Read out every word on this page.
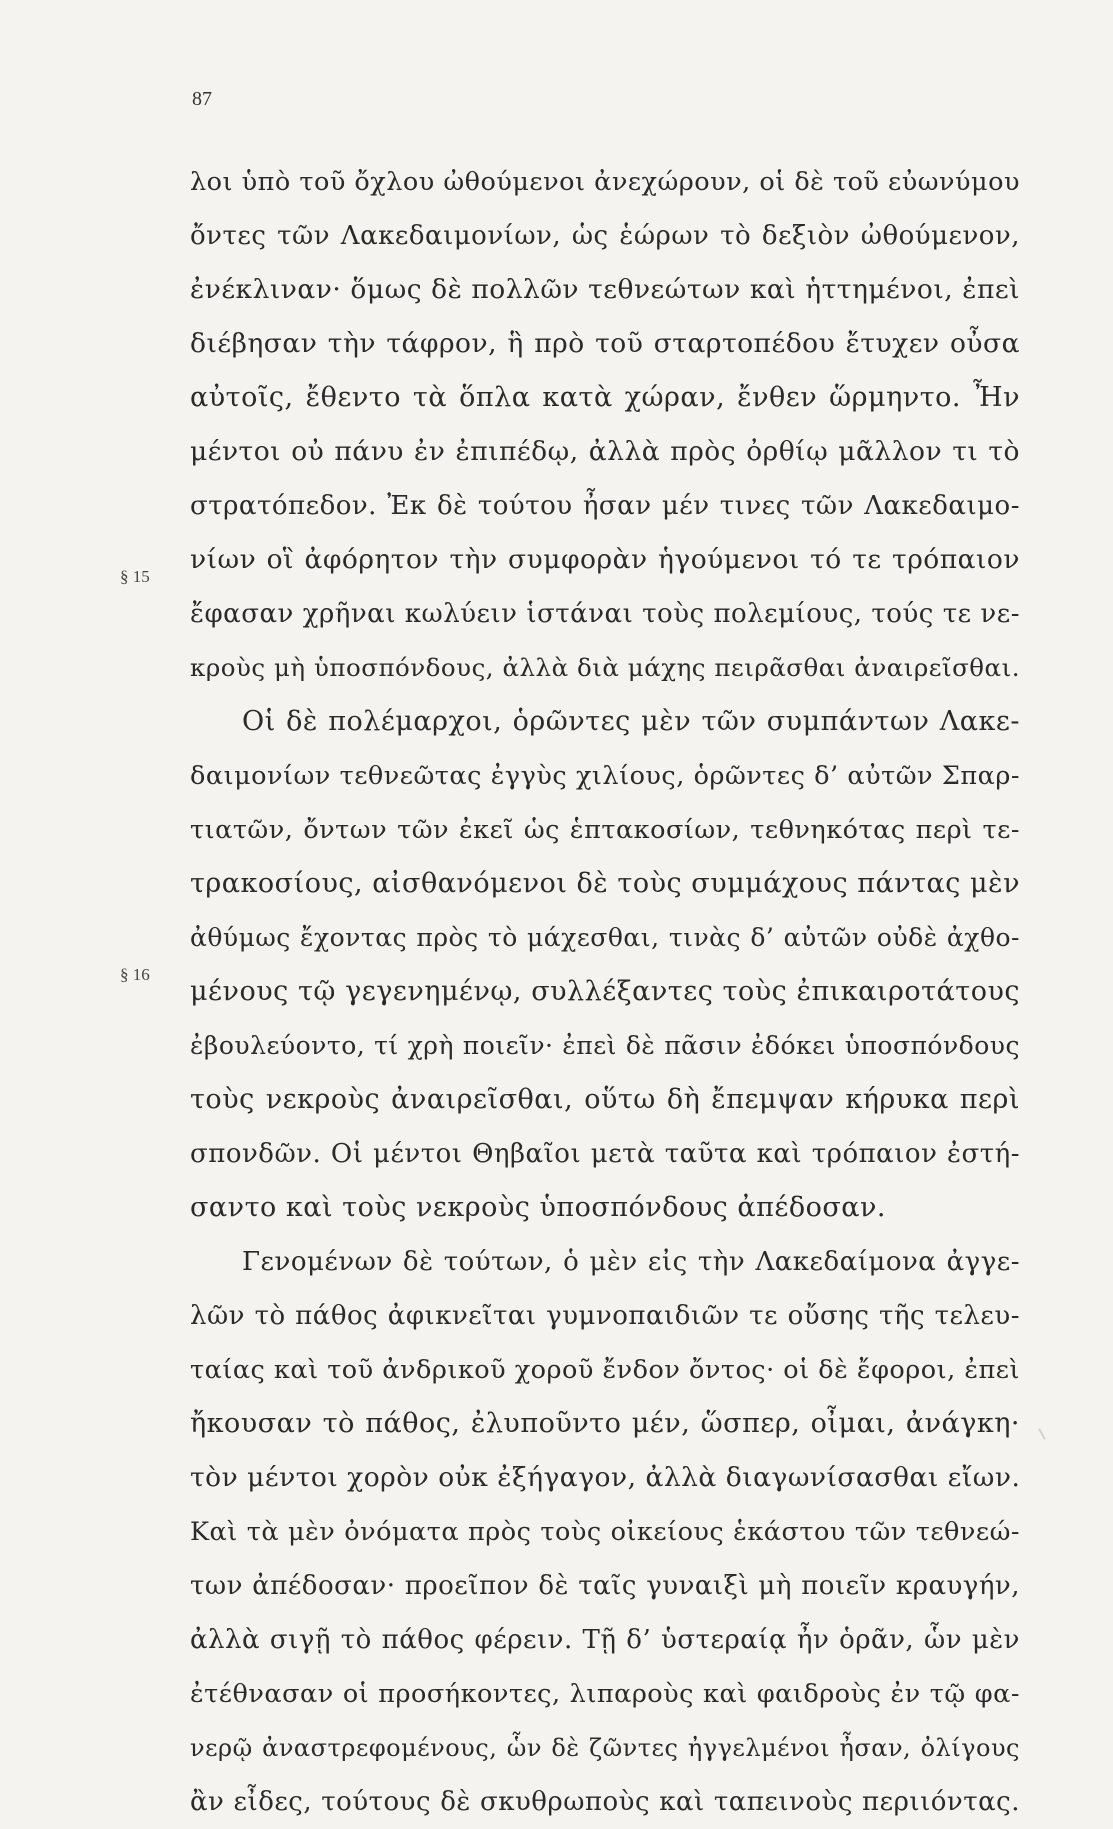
87
§ 15
§ 16
λοι ὑπὸ τοῦ ὄχλου ὠθούμενοι ἀνεχώρουν, οἱ δὲ τοῦ εὐωνύμου
ὄντες τῶν Λακεδαιμονίων, ὡς ἑώρων τὸ δεξιὸν ὠθούμενον,
ἐνέκλιναν· ὅμως δὲ πολλῶν τεθνεώτων καὶ ἡττημένοι, ἐπεὶ
διέβησαν τὴν τάφρον, ἣ πρὸ τοῦ σταρτοπέδου ἔτυχεν οὖσα
αὐτοῖς, ἔθεντο τὰ ὅπλα κατὰ χώραν, ἔνθεν ὥρμηντο. Ἦν
μέντοι οὐ πάνυ ἐν ἐπιπέδῳ, ἀλλὰ πρὸς ὀρθίῳ μᾶλλον τι τὸ
στρατόπεδον. Ἐκ δὲ τούτου ἦσαν μέν τινες τῶν Λακεδαιμο-
νίων οἳ ἀφόρητον τὴν συμφορὰν ἡγούμενοι τό τε τρόπαιον
ἔφασαν χρῆναι κωλύειν ἱστάναι τοὺς πολεμίους, τούς τε νε-
κροὺς μὴ ὑποσπόνδους, ἀλλὰ διὰ μάχης πειρᾶσθαι ἀναιρεῖσθαι.
Οἱ δὲ πολέμαρχοι, ὁρῶντες μὲν τῶν συμπάντων Λακε-
δαιμονίων τεθνεῶτας ἐγγὺς χιλίους, ὁρῶντες δ’ αὐτῶν Σπαρ-
τιατῶν, ὄντων τῶν ἐκεῖ ὡς ἑπτακοσίων, τεθνηκότας περὶ τε-
τρακοσίους, αἰσθανόμενοι δὲ τοὺς συμμάχους πάντας μὲν
ἀθύμως ἔχοντας πρὸς τὸ μάχεσθαι, τινὰς δ’ αὐτῶν οὐδὲ ἀχθο-
μένους τῷ γεγενημένῳ, συλλέξαντες τοὺς ἐπικαιροτάτους
ἐβουλεύοντο, τί χρὴ ποιεῖν· ἐπεὶ δὲ πᾶσιν ἐδόκει ὑποσπόνδους
τοὺς νεκροὺς ἀναιρεῖσθαι, οὕτω δὴ ἔπεμψαν κήρυκα περὶ
σπονδῶν. Οἱ μέντοι Θηβαῖοι μετὰ ταῦτα καὶ τρόπαιον ἐστή-
σαντο καὶ τοὺς νεκροὺς ὑποσπόνδους ἀπέδοσαν.
Γενομένων δὲ τούτων, ὁ μὲν εἰς τὴν Λακεδαίμονα ἀγγε-
λῶν τὸ πάθος ἀφικνεῖται γυμνοπαιδιῶν τε οὔσης τῆς τελευ-
ταίας καὶ τοῦ ἀνδρικοῦ χοροῦ ἔνδον ὄντος· οἱ δὲ ἔφοροι, ἐπεὶ
ἤκουσαν τὸ πάθος, ἐλυποῦντο μέν, ὥσπερ, οἶμαι, ἀνάγκη·
τὸν μέντοι χορὸν οὐκ ἐξήγαγον, ἀλλὰ διαγωνίσασθαι εἴων.
Καὶ τὰ μὲν ὀνόματα πρὸς τοὺς οἰκείους ἑκάστου τῶν τεθνεώ-
των ἀπέδοσαν· προεῖπον δὲ ταῖς γυναιξὶ μὴ ποιεῖν κραυγήν,
ἀλλὰ σιγῇ τὸ πάθος φέρειν. Τῇ δ’ ὑστεραίᾳ ἦν ὁρᾶν, ὧν μὲν
ἐτέθνασαν οἱ προσήκοντες, λιπαροὺς καὶ φαιδροὺς ἐν τῷ φα-
νερῷ ἀναστρεφομένους, ὧν δὲ ζῶντες ἠγγελμένοι ἦσαν, ὀλίγους
ἂν εἶδες, τούτους δὲ σκυθρωποὺς καὶ ταπεινοὺς περιιόντας.
